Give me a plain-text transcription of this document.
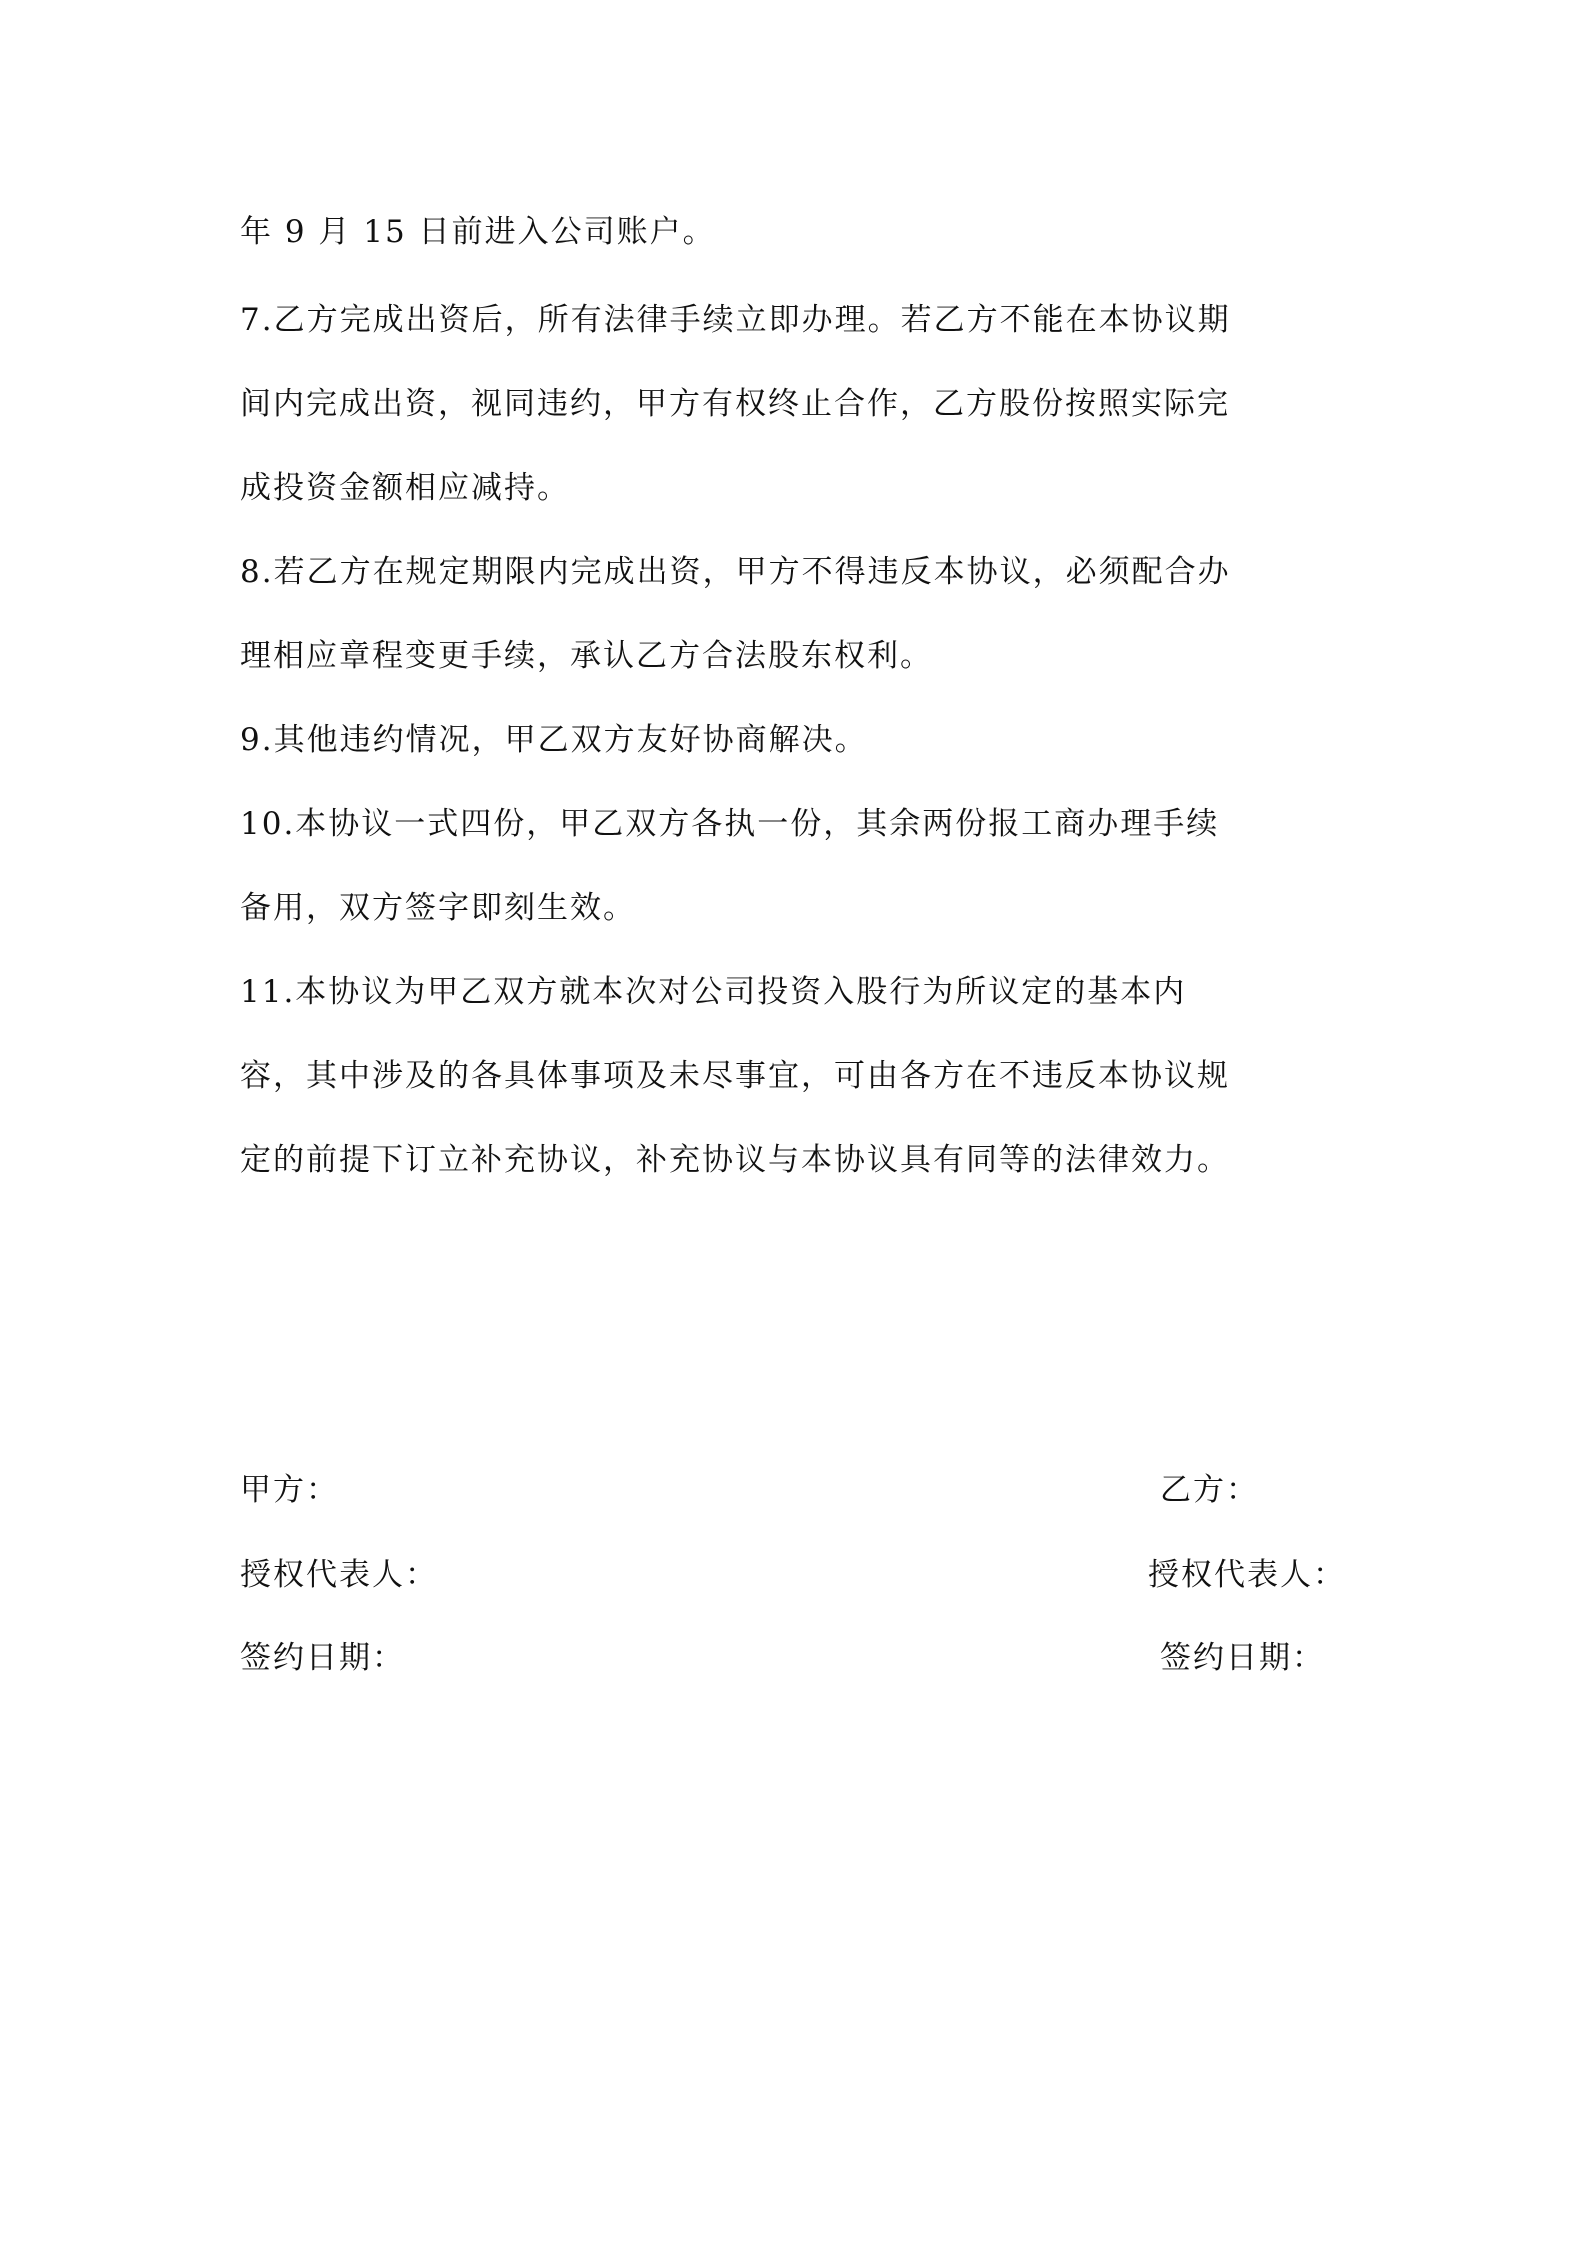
年 9 月 15 日前进入公司账户。
7.乙方完成出资后，所有法律手续立即办理。若乙方不能在本协议期
间内完成出资，视同违约，甲方有权终止合作，乙方股份按照实际完
成投资金额相应减持。
8.若乙方在规定期限内完成出资，甲方不得违反本协议，必须配合办
理相应章程变更手续，承认乙方合法股东权利。
9.其他违约情况，甲乙双方友好协商解决。
10.本协议一式四份，甲乙双方各执一份，其余两份报工商办理手续
备用，双方签字即刻生效。
11.本协议为甲乙双方就本次对公司投资入股行为所议定的基本内
容，其中涉及的各具体事项及未尽事宜，可由各方在不违反本协议规
定的前提下订立补充协议，补充协议与本协议具有同等的法律效力。
甲方：	乙方：
授权代表人：	授权代表人：
签约日期：	签约日期：
